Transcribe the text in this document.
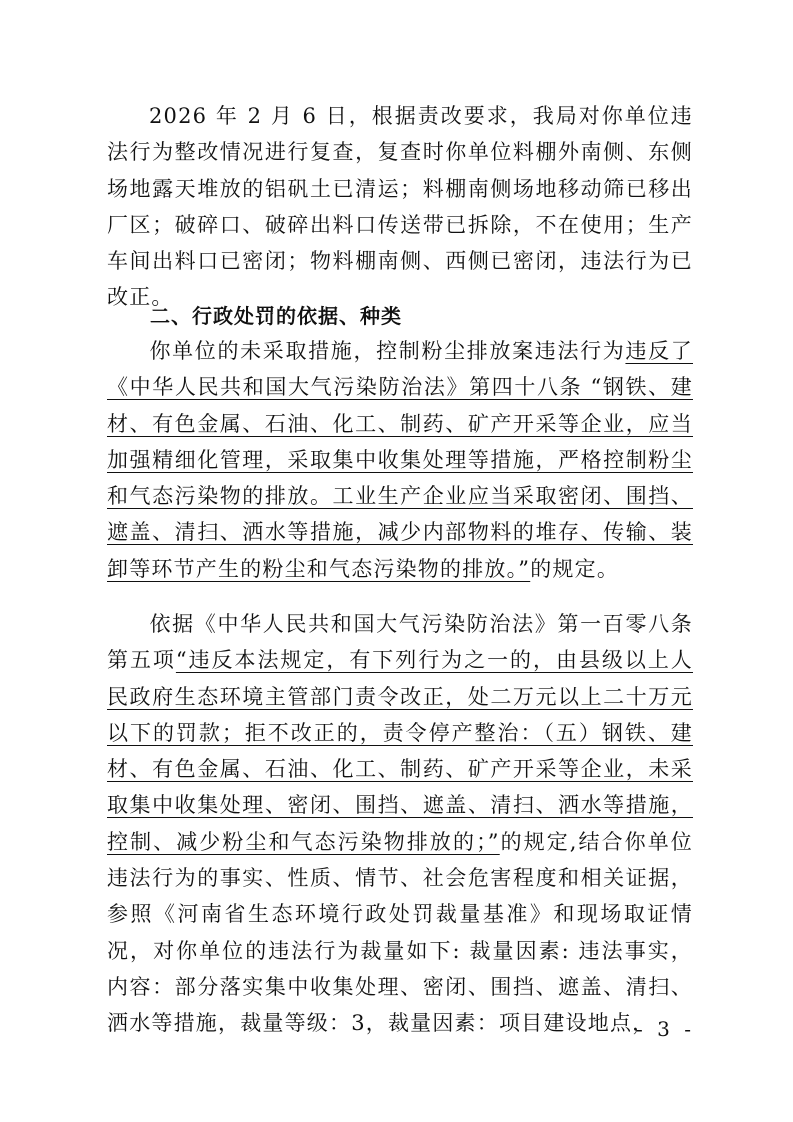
2026 年 2 月 6 日，根据责改要求，我局对你单位违法行为整改情况进行复查，复查时你单位料棚外南侧、东侧场地露天堆放的铝矾土已清运；料棚南侧场地移动筛已移出厂区；破碎口、破碎出料口传送带已拆除，不在使用；生产车间出料口已密闭；物料棚南侧、西侧已密闭，违法行为已改正。
二、行政处罚的依据、种类
你单位的未采取措施，控制粉尘排放案违法行为违反了《中华人民共和国大气污染防治法》第四十八条 “钢铁、建材、有色金属、石油、化工、制药、矿产开采等企业，应当加强精细化管理，采取集中收集处理等措施，严格控制粉尘和气态污染物的排放。工业生产企业应当采取密闭、围挡、遮盖、清扫、洒水等措施，减少内部物料的堆存、传输、装卸等环节产生的粉尘和气态污染物的排放。”的规定。
依据《中华人民共和国大气污染防治法》第一百零八条第五项“违反本法规定，有下列行为之一的，由县级以上人民政府生态环境主管部门责令改正，处二万元以上二十万元以下的罚款；拒不改正的，责令停产整治：（五）钢铁、建材、有色金属、石油、化工、制药、矿产开采等企业，未采取集中收集处理、密闭、围挡、遮盖、清扫、洒水等措施，控制、减少粉尘和气态污染物排放的；”的规定,结合你单位违法行为的事实、性质、情节、社会危害程度和相关证据，参照《河南省生态环境行政处罚裁量基准》和现场取证情况，对你单位的违法行为裁量如下: 裁量因素: 违法事实，内容：部分落实集中收集处理、密闭、围挡、遮盖、清扫、洒水等措施，裁量等级：3，裁量因素：项目建设地点，
- 3 -
